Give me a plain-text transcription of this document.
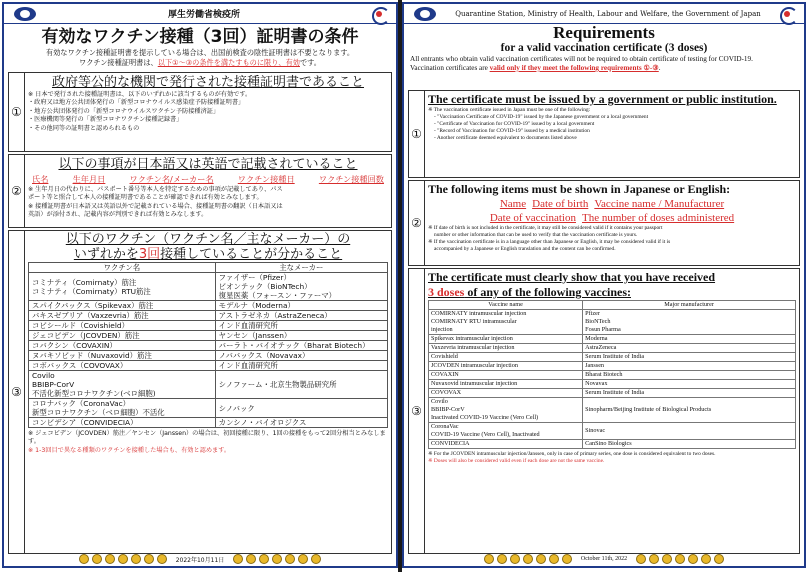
厚生労働省検疫所
有効なワクチン接種（3回）証明書の条件
有効なワクチン接種証明書を提示している場合は、出国前検査の陰性証明書は不要となります。
ワクチン接種証明書は、以下①〜③の条件を満たすものに限り、有効です。
①
政府等公的な機関で発行された接種証明書であること
※ 日本で発行された接種証明書は、以下のいずれかに該当するものが有効です。
・政府又は地方公共団体発行の「新型コロナウイルス感染症予防接種証明書」
・地方公共団体発行の「新型コロナウイルスワクチン予防接種済証」
・医療機関等発行の「新型コロナワクチン接種記録書」
・その他同等の証明書と認められるもの
②
以下の事項が日本語又は英語で記載されていること
氏名	生年月日	ワクチン名/メーカー名	ワクチン接種日	ワクチン接種回数
※ 生年月日の代わりに、パスポート番号等本人を特定するための事項が記載してあり、パス
ポート等と照合して本人の接種証明書であることが確認できれば有効とみなします。
※ 接種証明書が日本語又は英語以外で記載されている場合、接種証明書の翻訳（日本語又は
英語）が添付され、記載内容が判別できれば有効とみなします。
③
以下のワクチン（ワクチン名／主なメーカー）の
いずれかを3回接種していることが分かること
ワクチン名	主なメーカー
コミナティ（Comirnaty）筋注
コミナティ（Comirnaty）RTU筋注	ファイザー（Pfizer）
ビオンテック（BioNTech）
復星医薬（フォースン・ファーマ）
スパイクバックス（Spikevax）筋注	モデルナ（Moderna）
バキスゼブリア（Vaxzevria）筋注	アストラゼネカ（AstraZeneca）
コビシールド（Covishield）	インド血清研究所
ジェコビデン（JCOVDEN）筋注	ヤンセン（Janssen）
コバクシン（COVAXIN）	バーラト・バイオテック（Bharat Biotech）
ヌバキソビッド（Nuvaxovid）筋注	ノババックス（Novavax）
コボバックス（COVOVAX）	インド血清研究所
Covilo
BBIBP-CorV
不活化新型コロナワクチン(ベロ細胞)	シノファーム・北京生物製品研究所
コロナバック（CoronaVac）
新型コロナワクチン（ベロ細胞）不活化	シノバック
コンビデシア（CONVIDECIA）	カンシノ・バイオロジクス
※ ジェコビデン（JCOVDEN）筋注／ヤンセン（Janssen）の場合は、初回接種に限り、1回の接種をもって2回分相当とみなします。
※ 1-3回目で異なる種類のワクチンを接種した場合も、有効と認めます。
2022年10月11日
Quarantine Station, Ministry of Health, Labour and Welfare, the Government of Japan
Requirements
for a valid vaccination certificate (3 doses)
All entrants who obtain valid vaccination certificates will not be required to obtain certificate of testing for COVID-19.
Vaccination certificates are valid only if they meet the following requirements ①-③.
①
The certificate must be issued by a government or public institution.
※ The vaccination certificate issued in Japan must be one of the following:
- "Vaccination Certificate of COVID-19" issued by the Japanese government or a local government
- "Certificate of Vaccination for COVID-19" issued by a local government
- "Record of Vaccination for COVID-19" issued by a medical institution
- Another certificate deemed equivalent to documents listed above
②
The following items must be shown in Japanese or English:
Name Date of birth Vaccine name / Manufacturer
Date of vaccination The number of doses administered
※ If date of birth is not included in the certificate, it may still be considered valid if it contains your passport
number or other information that can be used to verify that the vaccination certificate is yours.
※ If the vaccination certificate is in a language other than Japanese or English, it may be considered valid if it is
accompanied by a Japanese or English translation and the content can be confirmed.
③
The certificate must clearly show that you have received
3 doses of any of the following vaccines:
Vaccine name	Major manufacturer
COMIRNATY intramuscular injection
COMIRNATY RTU intramuscular
injection	Pfizer
BioNTech
Fosun Pharma
Spikevax intramuscular injection	Moderna
Vaxzevria intramuscular injection	AstraZeneca
Covishield	Serum Institute of India
JCOVDEN intramuscular injection	Janssen
COVAXIN	Bharat Biotech
Nuvaxovid intramuscular injection	Novavax
COVOVAX	Serum Institute of India
Covilo
BBIBP-CorV
Inactivated COVID-19 Vaccine (Vero Cell)	Sinopharm/Beijing Institute of Biological Products
CoronaVac
COVID-19 Vaccine (Vero Cell), Inactivated	Sinovac
CONVIDECIA	CanSino Biologics
※ For the JCOVDEN intramuscular injection/Janssen, only in case of primary series, one dose is considered equivalent to two doses.
※ Doses will also be considered valid even if each dose are not the same vaccine.
October 11th, 2022
